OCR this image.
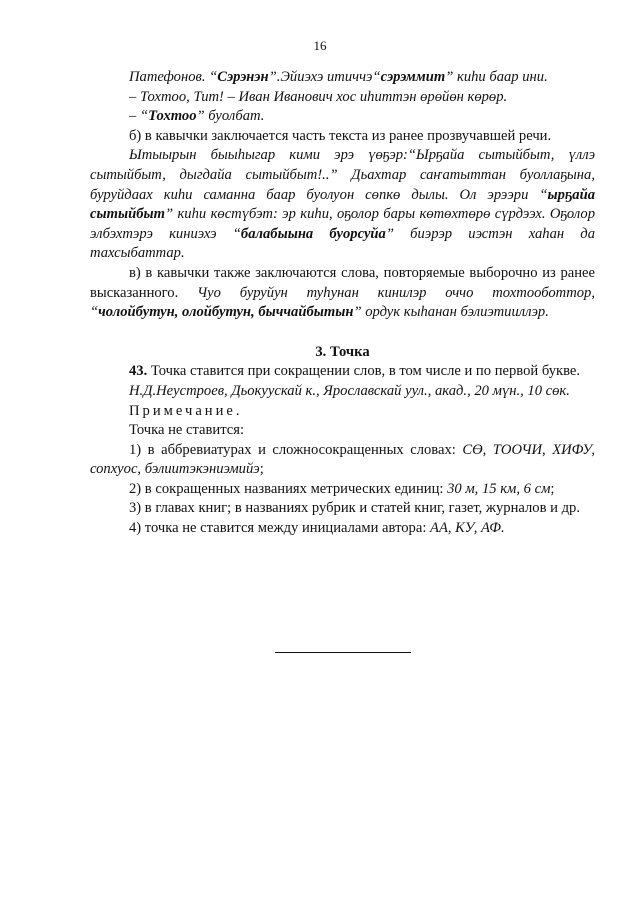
16

Патефонов. “Сэрэнэн”.Эйиэхэ итиччэ“сэрэммит” киһи баар ини.

– Тохтоо, Тит! – Иван Иванович хос иһиттэн өрөйөн көрөр.

– “Тохтоо” буолбат.

б) в кавычки заключается часть текста из ранее прозвучавшей речи.

Ытыырын быыһыгар кими эрэ үөҕэр:“Ырҕайа сытыйбыт, үллэ сытыйбыт, дыгдайа сытыйбыт!..” Дьахтар саҥатыттан буоллаҕына, буруйдаах киһи саманна баар буолуон сөпкө дылы. Ол эрээри “ырҕайа сытыйбыт” киһи көстүбэт: эр киһи, оҕолор бары көтөхтөрө сүрдээх. Оҕолор элбэхтэрэ киниэхэ “балабыына буорсуйа” биэрэр иэстэн хаһан да тахсыбаттар.

в) в кавычки также заключаются слова, повторяемые выборочно из ранее высказанного. Чуо буруйун туһунан кинилэр оччо тохтооботтор, “чолойбутун, олойбутун, быччайбытын” ордук кыһанан бэлиэтииллэр.

3. Точка

43. Точка ставится при сокращении слов, в том числе и по первой букве.

Н.Д.Неустроев, Дьокуускай к., Ярославскай уул., акад., 20 мүн., 10 сөк.

Примечание.

Точка не ставится:

1) в аббревиатурах и сложносокращенных словах: СӨ, ТООЧИ, ХИФУ, сопхуос, бэлиитэкэниэмийэ;

2) в сокращенных названиях метрических единиц: 30 м, 15 км, 6 см;

3) в главах книг; в названиях рубрик и статей книг, газет, журналов и др.

4) точка не ставится между инициалами автора: АА, КУ, АФ.
